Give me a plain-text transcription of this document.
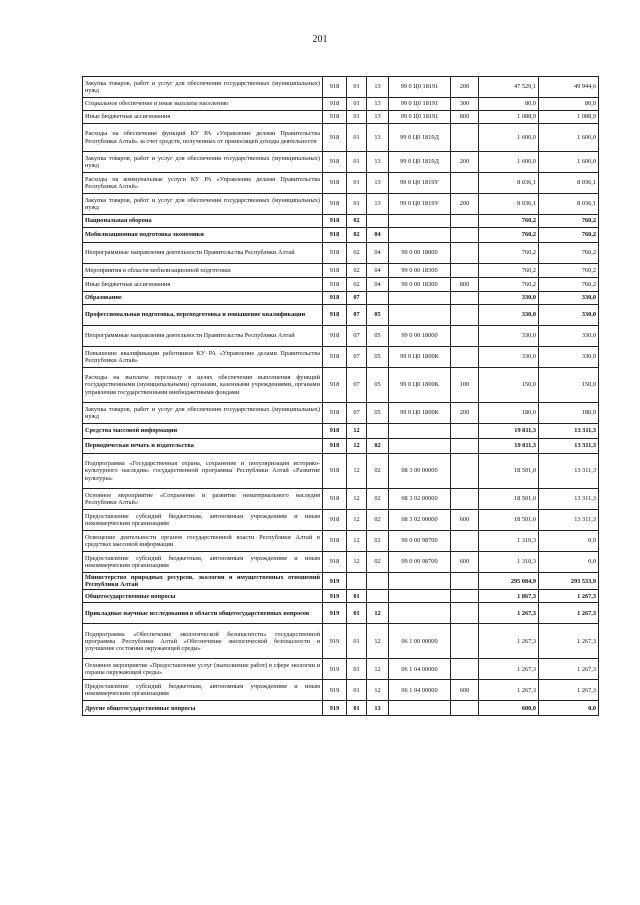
201
Закупка товаров, работ и услуг для обеспечения государственных (муниципальных) нужд	918	01	13	99 0 Ц0 18191	200	47 529,1	49 944,6
Социальное обеспечение и иные выплаты населению	918	01	13	99 0 Ц0 18191	300	80,0	80,0
Иные бюджетные ассигнования	918	01	13	99 0 Ц0 18191	800	1 088,9	1 088,9
Расходы на обеспечение функций КУ РА «Управление делами Правительства Республики Алтай» за счет средств, полученных от приносящей доходы деятельности	918	01	13	99 0 Ц0 1819Д		1 600,0	1 600,0
Закупка товаров, работ и услуг для обеспечения государственных (муниципальных) нужд	918	01	13	99 0 Ц0 1819Д	200	1 600,0	1 600,0
Расходы на коммунальные услуги КУ РА «Управление делами Правительства Республики Алтай»	918	01	13	99 0 Ц0 1819У		8 036,1	8 036,1
Закупка товаров, работ и услуг для обеспечения государственных (муниципальных) нужд	918	01	13	99 0 Ц0 1819У	200	8 036,1	8 036,1
Национальная оборона	918	02				760,2	760,2
Мобилизационная подготовка экономики	918	02	04			760,2	760,2
Непрограммные направления деятельности Правительства Республики Алтай	918	02	04	99 0 00 18000		760,2	760,2
Мероприятия в области мобилизационной подготовки	918	02	04	99 0 00 18300		760,2	760,2
Иные бюджетные ассигнования	918	02	04	99 0 00 18300	800	760,2	760,2
Образование	918	07				330,0	330,0
Профессиональная подготовка, переподготовка и повышение квалификации	918	07	05			330,0	330,0
Непрограммные направления деятельности Правительства Республики Алтай	918	07	05	99 0 00 18000		330,0	330,0
Повышение квалификации работников КУ РА «Управление делами Правительства Республики Алтай»	918	07	05	99 0 Ц0 1800К		330,0	330,0
Расходы на выплаты персоналу в целях обеспечения выполнения функций государственными (муниципальными) органами, казенными учреждениями, органами управления государственными внебюджетными фондами	918	07	05	99 0 Ц0 1800К	100	150,0	150,0
Закупка товаров, работ и услуг для обеспечения государственных (муниципальных) нужд	918	07	05	99 0 Ц0 1800К	200	180,0	180,0
Средства массовой информации	918	12				19 811,3	13 311,3
Периодическая печать и издательства	918	12	02			19 811,3	13 311,3
Подпрограмма «Государственная охрана, сохранение и популяризация историко-культурного наследия» государственной программы Республики Алтай «Развитие культуры»	918	12	02	08 3 00 00000		18 501,0	13 311,3
Основное мероприятие «Сохранение и развитие нематериального наследия Республики Алтай»	918	12	02	08 3 02 00000		18 501,0	13 311,3
Предоставление субсидий бюджетным, автономным учреждениям и иным некоммерческим организациям	918	12	02	08 3 02 00000	600	18 501,0	13 311,3
Освещение деятельности органов государственной власти Республики Алтай в средствах массовой информации	918	12	02	99 0 00 98700		1 310,3	0,0
Предоставление субсидий бюджетным, автономным учреждениям и иным некоммерческим организациям	918	12	02	99 0 00 98700	600	1 310,3	0,0
Министерство природных ресурсов, экологии и имущественных отношений Республики Алтай	919					295 084,9	293 533,9
Общегосударственные вопросы	919	01				1 867,3	1 267,3
Прикладные научные исследования в области общегосударственных вопросов	919	01	12			1 267,3	1 267,3
Подпрограмма «Обеспечение экологической безопасности» государственной программы Республики Алтай «Обеспечение экологической безопасности и улучшение состояния окружающей среды»	919	01	12	06 1 00 00000		1 267,3	1 267,3
Основное мероприятие «Предоставление услуг (выполнение работ) в сфере экологии и охраны окружающей среды»	919	01	12	06 1 04 00000		1 267,3	1 267,3
Предоставление субсидий бюджетным, автономным учреждениям и иным некоммерческим организациям	919	01	12	06 1 04 00000	600	1 267,3	1 267,3
Другие общегосударственные вопросы	919	01	13			600,0	0,0
